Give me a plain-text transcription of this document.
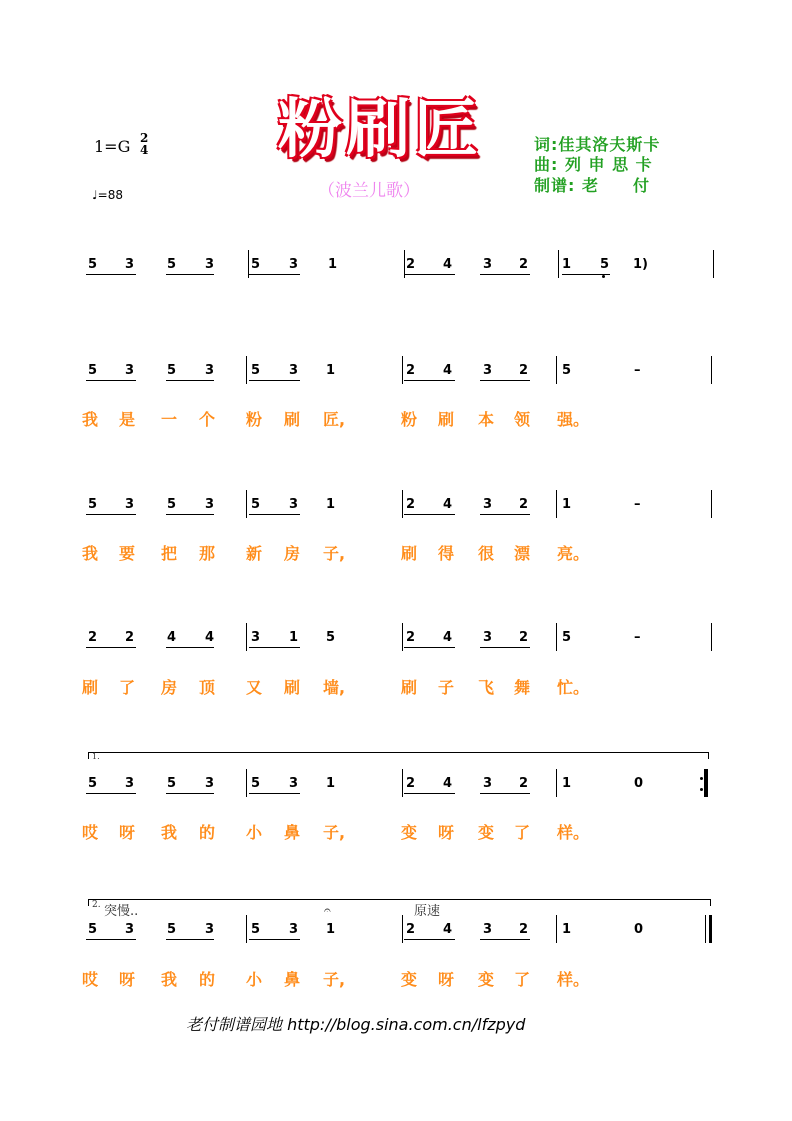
粉刷匠
（波兰儿歌）
词:佳其洛夫斯卡
曲: 列 申 思 卡
制谱: 老　　付
1=G 2
4
♩=88
5 3	5 3	5 3 1	2 4 3 2	1 5 1)
5 3	5 3	5 3 1	2 4 3 2	5	–
我 是 一 个 粉 刷 匠,	粉 刷 本 领 强。
5 3	5 3	5 3 1	2 4 3 2	1	–
我 要 把 那 新 房 子,	刷 得 很 漂 亮。
2 2	4 4	3 1 5	2 4 3 2	5	–
刷 了 房 顶 又 刷 墙,	刷 子 飞 舞 忙。
5 3	5 3	5 3 1	2 4 3 2	1	0
哎 呀 我 的 小 鼻 子,	变 呀 变 了 样。
5 3	5 3	5 3 1	2 4 3 2	1	0
哎 呀 我 的 小 鼻 子,	变 呀 变 了 样。
1.
2. 突慢..	原速
𝄐
老付制谱园地 http://blog.sina.com.cn/lfzpyd
